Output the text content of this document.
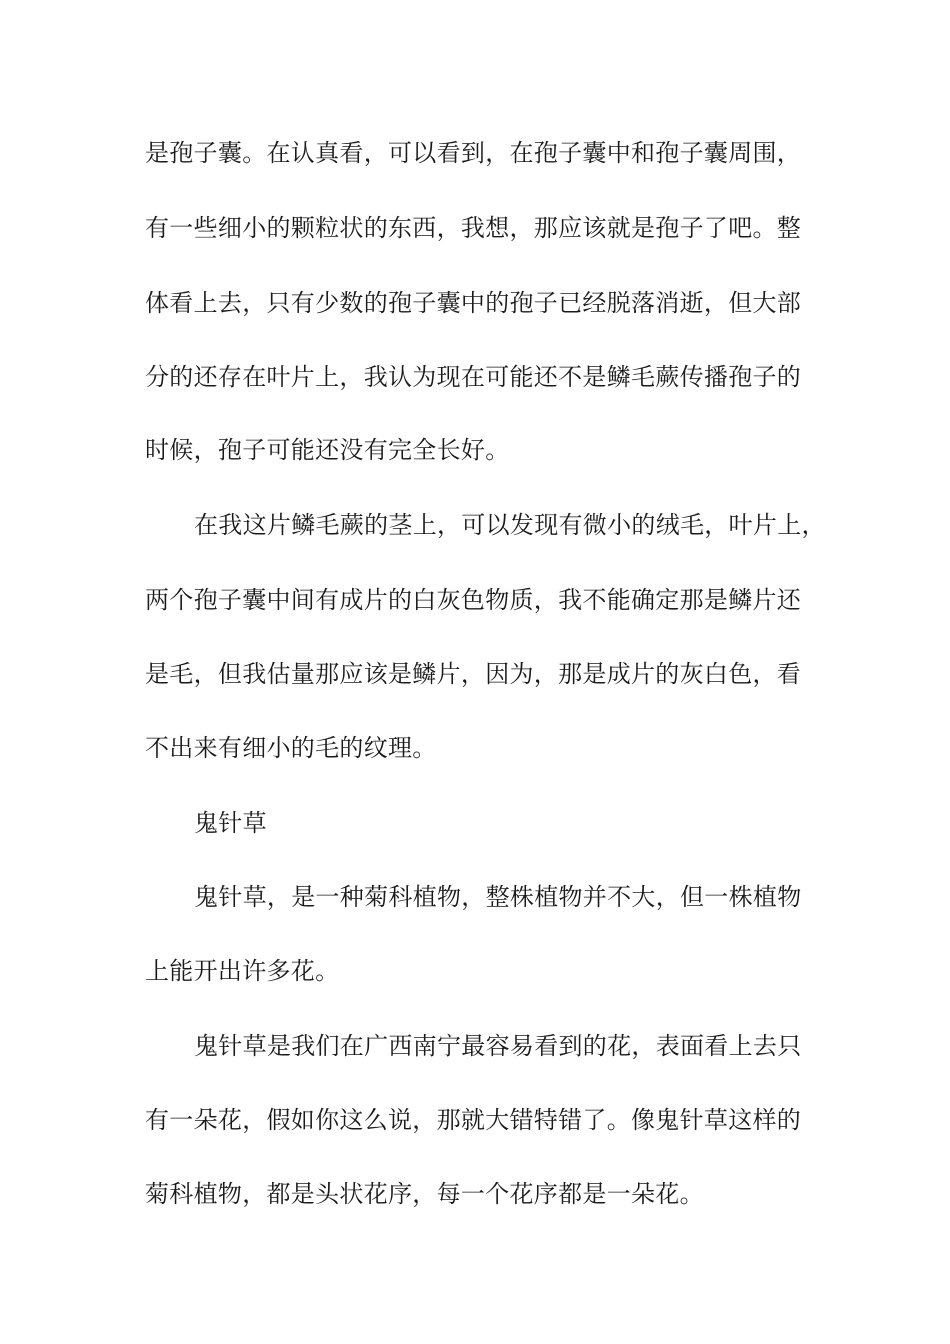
是孢子囊。在认真看，可以看到，在孢子囊中和孢子囊周围，
有一些细小的颗粒状的东西，我想，那应该就是孢子了吧。整
体看上去，只有少数的孢子囊中的孢子已经脱落消逝，但大部
分的还存在叶片上，我认为现在可能还不是鳞毛蕨传播孢子的
时候，孢子可能还没有完全长好。
在我这片鳞毛蕨的茎上，可以发现有微小的绒毛，叶片上，
两个孢子囊中间有成片的白灰色物质，我不能确定那是鳞片还
是毛，但我估量那应该是鳞片，因为，那是成片的灰白色，看
不出来有细小的毛的纹理。
鬼针草
鬼针草，是一种菊科植物，整株植物并不大，但一株植物
上能开出许多花。
鬼针草是我们在广西南宁最容易看到的花，表面看上去只
有一朵花，假如你这么说，那就大错特错了。像鬼针草这样的
菊科植物，都是头状花序，每一个花序都是一朵花。
